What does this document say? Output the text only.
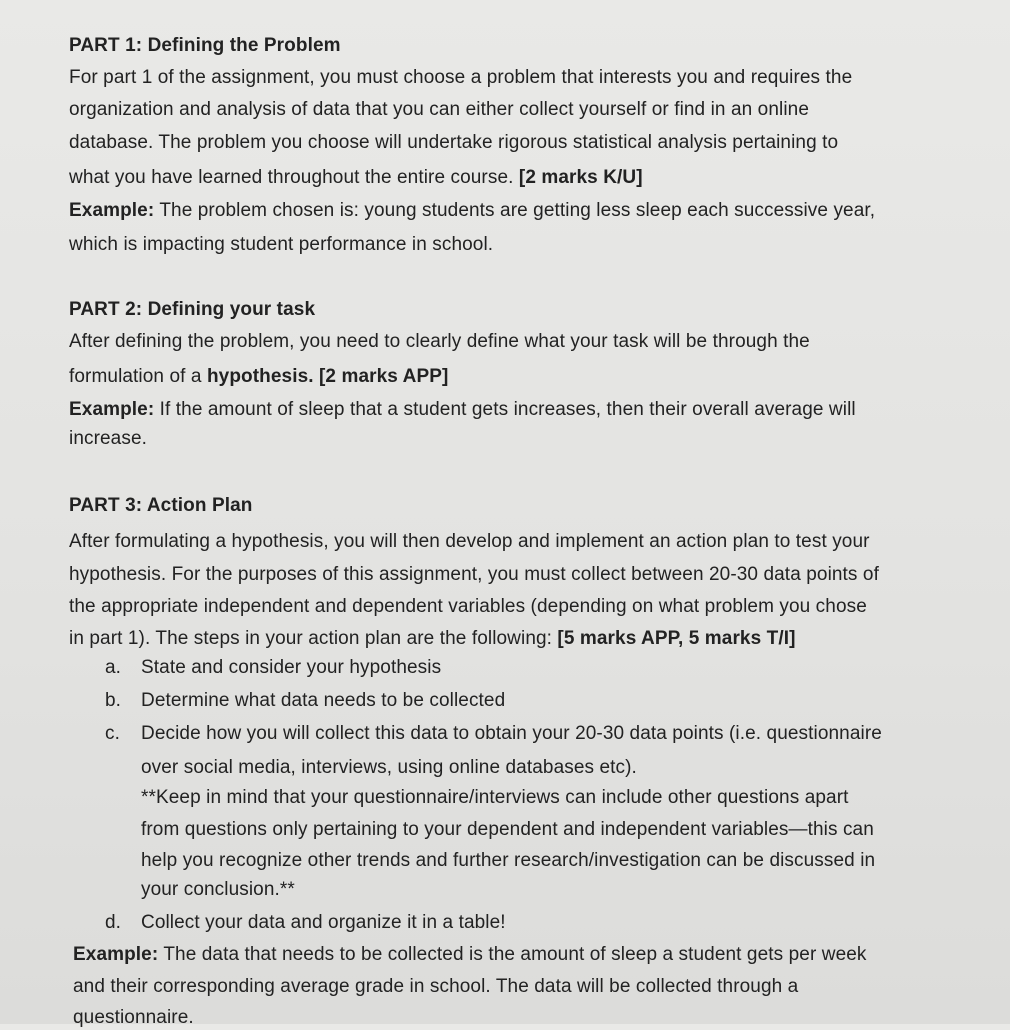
PART 1: Defining the Problem
For part 1 of the assignment, you must choose a problem that interests you and requires the
organization and analysis of data that you can either collect yourself or find in an online
database. The problem you choose will undertake rigorous statistical analysis pertaining to
what you have learned throughout the entire course. [2 marks K/U]
Example: The problem chosen is: young students are getting less sleep each successive year,
which is impacting student performance in school.
PART 2: Defining your task
After defining the problem, you need to clearly define what your task will be through the
formulation of a hypothesis. [2 marks APP]
Example: If the amount of sleep that a student gets increases, then their overall average will
increase.
PART 3: Action Plan
After formulating a hypothesis, you will then develop and implement an action plan to test your
hypothesis. For the purposes of this assignment, you must collect between 20-30 data points of
the appropriate independent and dependent variables (depending on what problem you chose
in part 1). The steps in your action plan are the following: [5 marks APP, 5 marks T/I]
a. State and consider your hypothesis
b. Determine what data needs to be collected
c. Decide how you will collect this data to obtain your 20-30 data points (i.e. questionnaire
over social media, interviews, using online databases etc).
**Keep in mind that your questionnaire/interviews can include other questions apart
from questions only pertaining to your dependent and independent variables—this can
help you recognize other trends and further research/investigation can be discussed in
your conclusion.**
d. Collect your data and organize it in a table!
Example: The data that needs to be collected is the amount of sleep a student gets per week
and their corresponding average grade in school. The data will be collected through a
questionnaire.
